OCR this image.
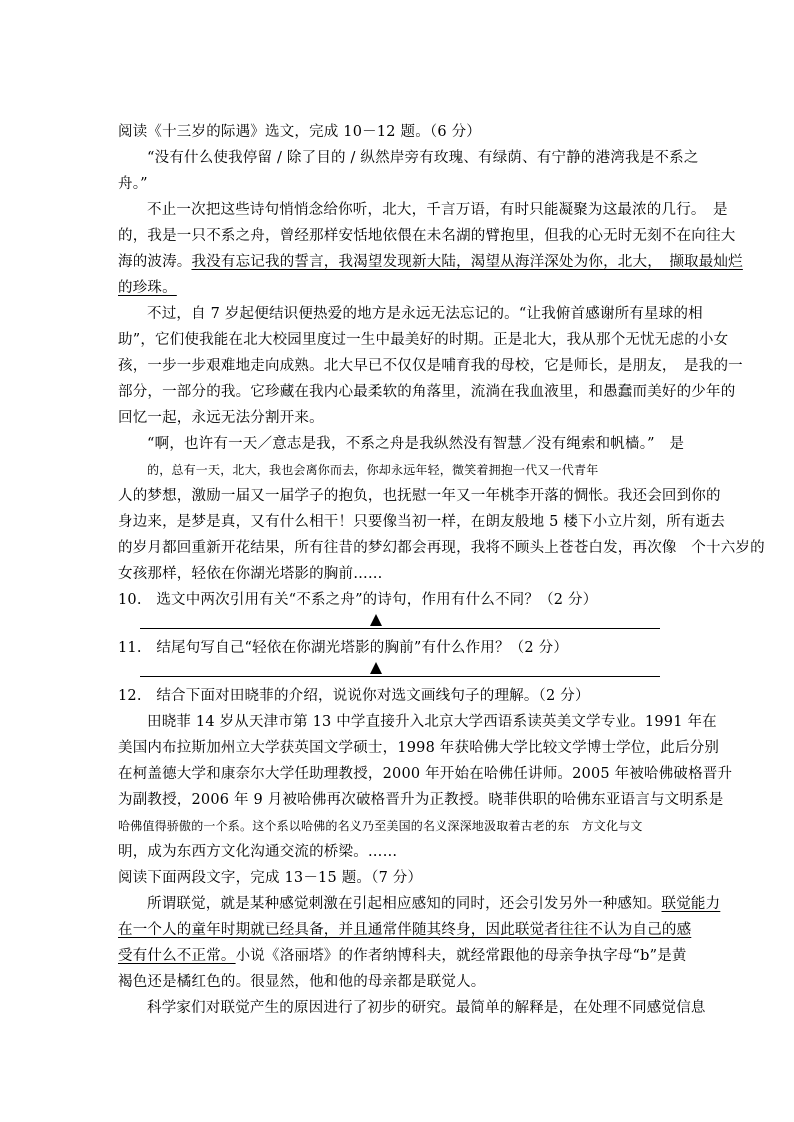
阅读《十三岁的际遇》选文，完成 10－12 题。（6 分）
“没有什么使我停留 / 除了目的 / 纵然岸旁有玫瑰、有绿荫、有宁静的港湾我是不系之
舟。”
不止一次把这些诗句悄悄念给你听，北大，千言万语，有时只能凝聚为这最浓的几行。　是
的，我是一只不系之舟，曾经那样安恬地依偎在未名湖的臂抱里，但我的心无时无刻不在向往大
海的波涛。我没有忘记我的誓言，我渴望发现新大陆，渴望从海洋深处为你，北大，　撷取最灿烂
的珍珠。
不过，自 7 岁起便结识便热爱的地方是永远无法忘记的。“让我俯首感谢所有星球的相
助”，它们使我能在北大校园里度过一生中最美好的时期。正是北大，我从那个无忧无虑的小女
孩，一步一步艰难地走向成熟。北大早已不仅仅是哺育我的母校，它是师长，是朋友，　是我的一
部分，一部分的我。它珍藏在我内心最柔软的角落里，流淌在我血液里，和愚蠢而美好的少年的
回忆一起，永远无法分割开来。
“啊，也许有一天／意志是我，不系之舟是我纵然没有智慧／没有绳索和帆樯。”　是
的，总有一天，北大，我也会离你而去，你却永远年轻，微笑着拥抱一代又一代青年
人的梦想，激励一届又一届学子的抱负，也抚慰一年又一年桃李开落的惆怅。我还会回到你的
身边来，是梦是真，又有什么相干！只要像当初一样，在朗友般地 5 楼下小立片刻，所有逝去
的岁月都回重新开花结果，所有往昔的梦幻都会再现，我将不顾头上苍苍白发，再次像　个十六岁的
女孩那样，轻依在你湖光塔影的胸前……
10.　选文中两次引用有关“不系之舟”的诗句，作用有什么不同？（2 分）
11.　结尾句写自己“轻依在你湖光塔影的胸前”有什么作用？（2 分）
12.　结合下面对田晓菲的介绍，说说你对选文画线句子的理解。（2 分）
田晓菲 14 岁从天津市第 13 中学直接升入北京大学西语系读英美文学专业。1991 年在
美国内布拉斯加州立大学获英国文学硕士，1998 年获哈佛大学比较文学博士学位，此后分别
在柯盖德大学和康奈尔大学任助理教授，2000 年开始在哈佛任讲师。2005 年被哈佛破格晋升
为副教授，2006 年 9 月被哈佛再次破格晋升为正教授。晓菲供职的哈佛东亚语言与文明系是
哈佛值得骄傲的一个系。这个系以哈佛的名义乃至美国的名义深深地汲取着古老的东　方文化与文
明，成为东西方文化沟通交流的桥梁。……
阅读下面两段文字，完成 13－15 题。（7 分）
所谓联觉，就是某种感觉刺激在引起相应感知的同时，还会引发另外一种感知。联觉能力
在一个人的童年时期就已经具备，并且通常伴随其终身，因此联觉者往往不认为自己的感
受有什么不正常。小说《洛丽塔》的作者纳博科夫，就经常跟他的母亲争执字母“b”是黄
褐色还是橘红色的。很显然，他和他的母亲都是联觉人。
科学家们对联觉产生的原因进行了初步的研究。最简单的解释是，在处理不同感觉信息
